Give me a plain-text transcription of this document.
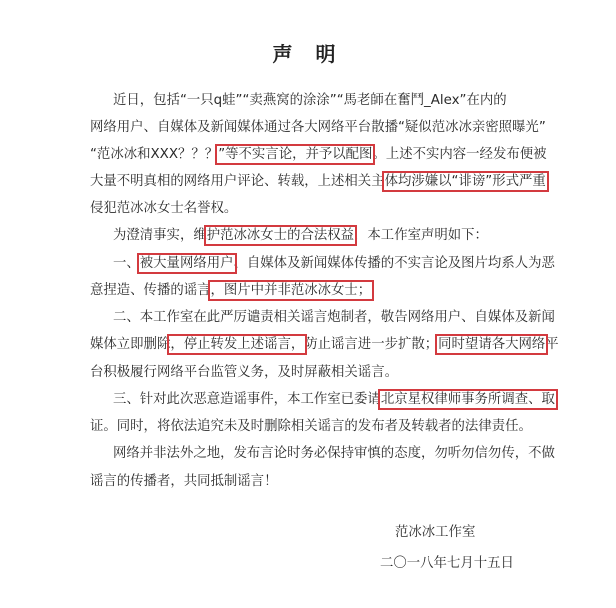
声 明
近日，包括“一只q蛙”“卖燕窝的涂涂”“馬老師在奮鬥_Alex”在内的
网络用户、自媒体及新闻媒体通过各大网络平台散播“疑似范冰冰亲密照曝光”
“范冰冰和XXX？？？”等不实言论，并予以配图。上述不实内容一经发布便被
大量不明真相的网络用户评论、转载，上述相关主体均涉嫌以“诽谤”形式严重
侵犯范冰冰女士名誉权。
为澄清事实，维护范冰冰女士的合法权益，本工作室声明如下：
一、被大量网络用户、自媒体及新闻媒体传播的不实言论及图片均系人为恶
意捏造、传播的谣言，图片中并非范冰冰女士；
二、本工作室在此严厉谴责相关谣言炮制者，敬告网络用户、自媒体及新闻
媒体立即删除，停止转发上述谣言，防止谣言进一步扩散；同时望请各大网络平
台积极履行网络平台监管义务，及时屏蔽相关谣言。
三、针对此次恶意造谣事件，本工作室已委请北京星权律师事务所调查、取
证。同时，将依法追究未及时删除相关谣言的发布者及转载者的法律责任。
网络并非法外之地，发布言论时务必保持审慎的态度，勿听勿信勿传，不做
谣言的传播者，共同抵制谣言！
范冰冰工作室
二〇一八年七月十五日
